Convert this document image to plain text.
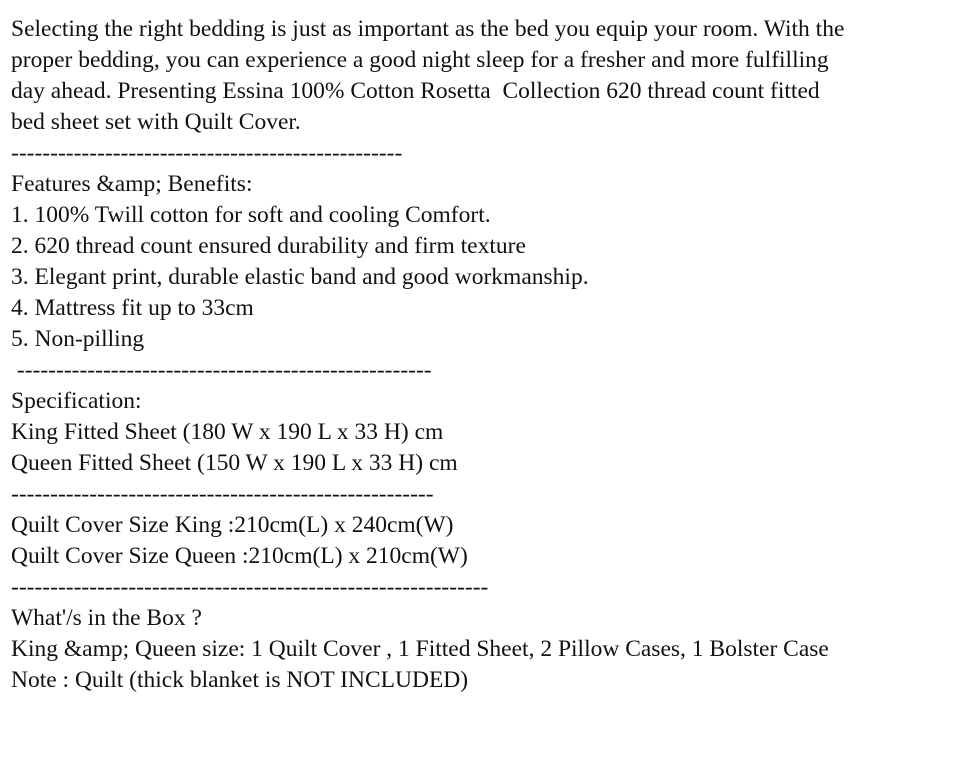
Selecting the right bedding is just as important as the bed you equip your room. With the
proper bedding, you can experience a good night sleep for a fresher and more fulfilling
day ahead. Presenting Essina 100% Cotton Rosetta  Collection 620 thread count fitted
bed sheet set with Quilt Cover.
--------------------------------------------------
Features &amp; Benefits:
1. 100% Twill cotton for soft and cooling Comfort.
2. 620 thread count ensured durability and firm texture
3. Elegant print, durable elastic band and good workmanship.
4. Mattress fit up to 33cm
5. Non-pilling
-----------------------------------------------------
Specification:
King Fitted Sheet (180 W x 190 L x 33 H) cm
Queen Fitted Sheet (150 W x 190 L x 33 H) cm
------------------------------------------------------
Quilt Cover Size King :210cm(L) x 240cm(W)
Quilt Cover Size Queen :210cm(L) x 210cm(W)
-------------------------------------------------------------
What'/s in the Box ?
King &amp; Queen size: 1 Quilt Cover , 1 Fitted Sheet, 2 Pillow Cases, 1 Bolster Case
Note : Quilt (thick blanket is NOT INCLUDED)
